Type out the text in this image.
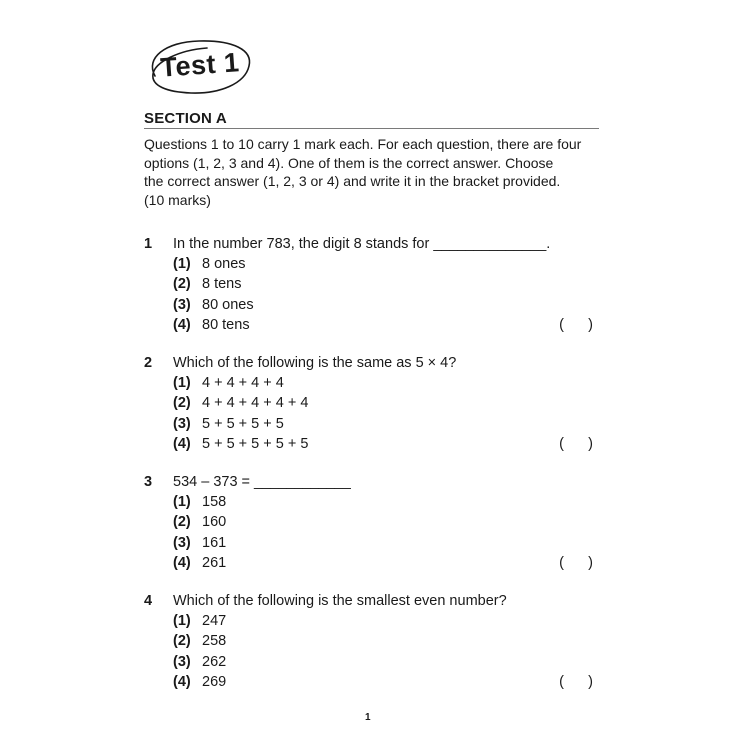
Test 1
SECTION A
Questions 1 to 10 carry 1 mark each. For each question, there are four
options (1, 2, 3 and 4). One of them is the correct answer. Choose
the correct answer (1, 2, 3 or 4) and write it in the bracket provided.
(10 marks)
1 In the number 783, the digit 8 stands for ______________.
(1) 8 ones
(2) 8 tens
(3) 80 ones
(4) 80 tens	(      )
2 Which of the following is the same as 5 × 4?
(1) 4 + 4 + 4 + 4
(2) 4 + 4 + 4 + 4 + 4
(3) 5 + 5 + 5 + 5
(4) 5 + 5 + 5 + 5 + 5	(      )
3 534 – 373 = ____________
(1) 158
(2) 160
(3) 161
(4) 261	(      )
4 Which of the following is the smallest even number?
(1) 247
(2) 258
(3) 262
(4) 269	(      )
1
